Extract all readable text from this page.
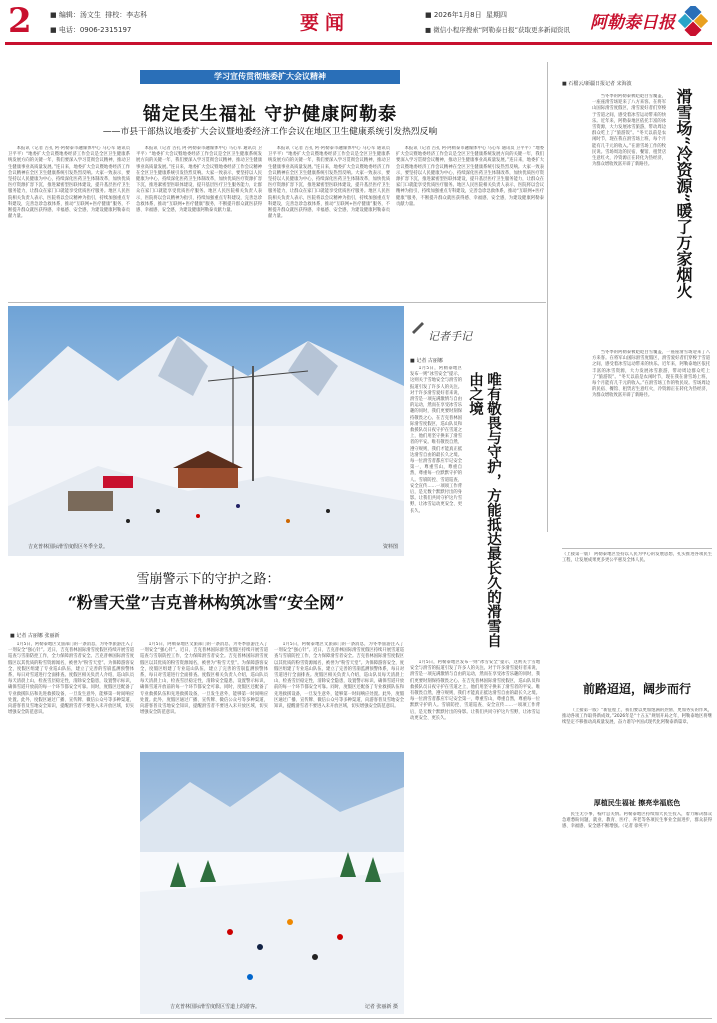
2	■ 编辑：汤文生 排校：李志科
■ 电话：0906-2315197	要闻	■ 2026年1月8日 星期四
■ 微信小程序搜索“阿勒泰日报”获取更多新闻资讯 阿勒泰日报
学习宣传贯彻地委扩大会议精神
锚定民生福祉 守护健康阿勒泰
——市县干部热议地委扩大会议暨地委经济工作会议在地区卫生健康系统引发热烈反响

本报讯（记者 古孔 阿·阿勒泰市融媒体中心 马心军 通讯员 卫平平）“地委扩大会议暨地委经济工作会议是全区卫生健康系统发展方向的关键一年，我们要深入学习贯彻会议精神，推动卫生健康事业高质量发展。”连日来，地委扩大会议暨地委经济工作会议精神在全区卫生健康系统引发热烈反响。大家一致表示，要坚持以人民健康为中心，持续深化医药卫生体制改革，加快优质医疗资源扩容下沉，推进紧密型医联体建设，提升基层医疗卫生服务能力，让群众在家门口就能享受优质医疗服务。地区人民医院相关负责人表示，医院将以会议精神为指引，持续加强重点专科建设，完善急诊急救体系，推动“互联网+医疗健康”服务，不断提升群众就医获得感、幸福感、安全感，为建设健康阿勒泰贡献力量。

本报讯（记者 古孔 阿·阿勒泰市融媒体中心 马心军 通讯员 卫平平）“地委扩大会议暨地委经济工作会议是全区卫生健康系统发展方向的关键一年，我们要深入学习贯彻会议精神，推动卫生健康事业高质量发展。”连日来，地委扩大会议暨地委经济工作会议精神在全区卫生健康系统引发热烈反响。大家一致表示，要坚持以人民健康为中心，持续深化医药卫生体制改革，加快优质医疗资源扩容下沉，推进紧密型医联体建设，提升基层医疗卫生服务能力，让群众在家门口就能享受优质医疗服务。地区人民医院相关负责人表示，医院将以会议精神为指引，持续加强重点专科建设，完善急诊急救体系，推动“互联网+医疗健康”服务，不断提升群众就医获得感、幸福感、安全感，为建设健康阿勒泰贡献力量。

本报讯（记者 古孔 阿·阿勒泰市融媒体中心 马心军 通讯员 卫平平）“地委扩大会议暨地委经济工作会议是全区卫生健康系统发展方向的关键一年，我们要深入学习贯彻会议精神，推动卫生健康事业高质量发展。”连日来，地委扩大会议暨地委经济工作会议精神在全区卫生健康系统引发热烈反响。大家一致表示，要坚持以人民健康为中心，持续深化医药卫生体制改革，加快优质医疗资源扩容下沉，推进紧密型医联体建设，提升基层医疗卫生服务能力，让群众在家门口就能享受优质医疗服务。地区人民医院相关负责人表示，医院将以会议精神为指引，持续加强重点专科建设，完善急诊急救体系，推动“互联网+医疗健康”服务，不断提升群众就医获得感、幸福感、安全感，为建设健康阿勒泰贡献力量。

本报讯（记者 古孔 阿·阿勒泰市融媒体中心 马心军 通讯员 卫平平）“地委扩大会议暨地委经济工作会议是全区卫生健康系统发展方向的关键一年，我们要深入学习贯彻会议精神，推动卫生健康事业高质量发展。”连日来，地委扩大会议暨地委经济工作会议精神在全区卫生健康系统引发热烈反响。大家一致表示，要坚持以人民健康为中心，持续深化医药卫生体制改革，加快优质医疗资源扩容下沉，推进紧密型医联体建设，提升基层医疗卫生服务能力，让群众在家门口就能享受优质医疗服务。地区人民医院相关负责人表示，医院将以会议精神为指引，持续加强重点专科建设，完善急诊急救体系，推动“互联网+医疗健康”服务，不断提升群众就医获得感、幸福感、安全感，为建设健康阿勒泰贡献力量。

吉克普林国际滑雪度假区冬季全景。	资料图
记者手记
■ 记者 古丽娜
唯有敬畏与守护，方能抵达最长久的滑雪自由之境

1月5日，阿勒泰地区发布一则“冰雪安全”提示，这则关于雪地安全与滑雪的报道引发了许多人的关注。对于许多滑雪爱好者来说，滑雪是一项充满激情与自由的运动，然而在享受冰雪乐趣的同时，我们更要时刻保持敬畏之心。在吉克普林国际滑雪度假区，巡山队员和救援队员日夜守护在雪道之上，他们用坚守换来了滑雪者的平安。唯有敬畏自然、遵守规则，我们才能真正抵达滑雪自由的最长久之境。每一位滑雪者都应牢记安全第一，尊重雪山，尊重自然，尊重每一位默默守护的人。雪崩防控、雪道巡查、安全宣传……一项项工作背后，是无数个默默付出的身影。让我们共同守护这片雪野，让冰雪运动更安全、更长久。

1月5日，阿勒泰地区发布一则“冰雪安全”提示，这则关于雪地安全与滑雪的报道引发了许多人的关注。对于许多滑雪爱好者来说，滑雪是一项充满激情与自由的运动，然而在享受冰雪乐趣的同时，我们更要时刻保持敬畏之心。在吉克普林国际滑雪度假区，巡山队员和救援队员日夜守护在雪道之上，他们用坚守换来了滑雪者的平安。唯有敬畏自然、遵守规则，我们才能真正抵达滑雪自由的最长久之境。每一位滑雪者都应牢记安全第一，尊重雪山，尊重自然，尊重每一位默默守护的人。雪崩防控、雪道巡查、安全宣传……一项项工作背后，是无数个默默付出的身影。让我们共同守护这片雪野，让冰雪运动更安全、更长久。

雪崩警示下的守护之路：
“粉雪天堂”吉克普林构筑冰雪“安全网”
■ 记者 古丽娜 张丽新

1月5日，阿勒泰地区文旅部门的一条消息，为冬季旅游注入了一剂安全“强心针”。近日，吉克普林国际滑雪度假区持续开展雪道巡查与雪崩防控工作，全力保障滑雪者安全。吉克普林国际滑雪度假区以其优质的粉雪资源闻名，被誉为“粉雪天堂”。为保障游客安全，度假区组建了专业巡山队伍，建立了完善的雪崩监测预警体系，每日对雪道进行全面排查。度假区相关负责人介绍，巡山队员每天清晨上山，检查雪层稳定性，清除安全隐患，设置警示标识，确保雪道开放前的每一个环节都安全可靠。同时，度假区还配备了专业救援队伍和先进救援设备，一旦发生意外，能够第一时间响应处置。此外，度假区通过广播、宣传牌、微信公众号等多种渠道，向游客普及雪地安全知识，提醒滑雪者不要进入未开放区域，切实增强安全防范意识。

1月5日，阿勒泰地区文旅部门的一条消息，为冬季旅游注入了一剂安全“强心针”。近日，吉克普林国际滑雪度假区持续开展雪道巡查与雪崩防控工作，全力保障滑雪者安全。吉克普林国际滑雪度假区以其优质的粉雪资源闻名，被誉为“粉雪天堂”。为保障游客安全，度假区组建了专业巡山队伍，建立了完善的雪崩监测预警体系，每日对雪道进行全面排查。度假区相关负责人介绍，巡山队员每天清晨上山，检查雪层稳定性，清除安全隐患，设置警示标识，确保雪道开放前的每一个环节都安全可靠。同时，度假区还配备了专业救援队伍和先进救援设备，一旦发生意外，能够第一时间响应处置。此外，度假区通过广播、宣传牌、微信公众号等多种渠道，向游客普及雪地安全知识，提醒滑雪者不要进入未开放区域，切实增强安全防范意识。

1月5日，阿勒泰地区文旅部门的一条消息，为冬季旅游注入了一剂安全“强心针”。近日，吉克普林国际滑雪度假区持续开展雪道巡查与雪崩防控工作，全力保障滑雪者安全。吉克普林国际滑雪度假区以其优质的粉雪资源闻名，被誉为“粉雪天堂”。为保障游客安全，度假区组建了专业巡山队伍，建立了完善的雪崩监测预警体系，每日对雪道进行全面排查。度假区相关负责人介绍，巡山队员每天清晨上山，检查雪层稳定性，清除安全隐患，设置警示标识，确保雪道开放前的每一个环节都安全可靠。同时，度假区还配备了专业救援队伍和先进救援设备，一旦发生意外，能够第一时间响应处置。此外，度假区通过广播、宣传牌、微信公众号等多种渠道，向游客普及雪地安全知识，提醒滑雪者不要进入未开放区域，切实增强安全防范意识。

吉克普林国际滑雪度假区雪道上的游客。	记者 张丽新 摄
■ 石榴云/新疆日报记者 宋海波
滑雪场“冷资源”暖了万家烟火

当冬季的阿勒泰被皑皑白雪覆盖，一座座滑雪场迎来了八方来客。在将军山国际滑雪度假区，滑雪爱好者们穿梭于雪道之间，感受着冰雪运动带来的快乐。近年来，阿勒泰地区依托丰富的冰雪资源，大力发展冰雪旅游，带动周边群众吃上了“旅游饭”。“冬天以前是农闲时节，现在我在滑雪场上班，每个月能有几千元的收入。”在滑雪场工作的牧民说。雪场周边的民宿、餐馆、租赁店生意红火，冷资源正在转化为热经济，为群众增收致富开辟了新路径。

当冬季的阿勒泰被皑皑白雪覆盖，一座座滑雪场迎来了八方来客。在将军山国际滑雪度假区，滑雪爱好者们穿梭于雪道之间，感受着冰雪运动带来的快乐。近年来，阿勒泰地区依托丰富的冰雪资源，大力发展冰雪旅游，带动周边群众吃上了“旅游饭”。“冬天以前是农闲时节，现在我在滑雪场上班，每个月能有几千元的收入。”在滑雪场工作的牧民说。雪场周边的民宿、餐馆、租赁店生意红火，冷资源正在转化为热经济，为群众增收致富开辟了新路径。

（上接第一版） 阿勒泰地区坚持以人民为中心的发展思想，扎实推进各项民生工程，让发展成果更多更公平惠及全体人民。
前路迢迢，阔步而行

（上接第一版）“新征程上，我们要以更加饱满的热情、更加务实的作风，推动各项工作取得新成效。”2026年是“十五五”规划开局之年，阿勒泰地区将继续坚定不移推动高质量发展，奋力谱写中国式现代化阿勒泰新篇章。

厚植民生福祉 擦亮幸福底色

民生无小事，枝叶总关情。阿勒泰地区持续加大民生投入，着力解决群众急难愁盼问题，就业、教育、医疗、养老等各项民生事业全面进步，群众获得感、幸福感、安全感不断增强。（记者 徐英平）
